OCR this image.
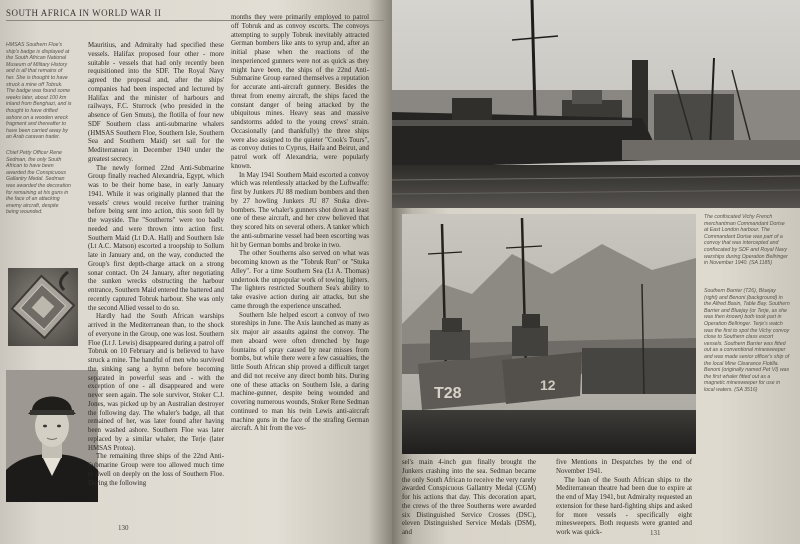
SOUTH AFRICA IN WORLD WAR II

HMSAS Southern Floe's ship's badge is displayed at the South African National Museum of Military History and is all that remains of her. She is thought to have struck a mine off Tobruk. The badge was found some weeks later, about 100 km inland from Benghazi, and is thought to have drifted ashore on a wooden wreck fragment and thereafter to have been carried away by an Arab caravan trader.

Chief Petty Officer Rene Sedman, the only South African to have been awarded the Conspicuous Gallantry Medal. Sedman was awarded the decoration for remaining at his guns in the face of an attacking enemy aircraft, despite being wounded.

Mauritius, and Admiralty had specified these vessels. Halifax proposed four other - more suitable - vessels that had only recently been requisitioned into the SDF. The Royal Navy agreed the proposal and, after the ships' companies had been inspected and lectured by Halifax and the minister of harbours and railways, F.C. Sturrock (who presided in the absence of Gen Smuts), the flotilla of four new SDF Southern class anti-submarine whalers (HMSAS Southern Floe, Southern Isle, Southern Sea and Southern Maid) set sail for the Mediterranean in December 1940 under the greatest secrecy.

The newly formed 22nd Anti-Submarine Group finally reached Alexandria, Egypt, which was to be their home base, in early January 1941. While it was originally planned that the vessels' crews would receive further training before being sent into action, this soon fell by the wayside. The "Southerns" were too badly needed and were thrown into action first. Southern Maid (Lt D.A. Hall) and Southern Isle (Lt A.C. Matson) escorted a troopship to Sollum late in January and, on the way, conducted the Group's first depth-charge attack on a strong sonar contact. On 24 January, after negotiating the sunken wrecks obstructing the harbour entrance, Southern Maid entered the battered and recently captured Tobruk harbour. She was only the second Allied vessel to do so.

Hardly had the South African warships arrived in the Mediterranean than, to the shock of everyone in the Group, one was lost. Southern Floe (Lt J. Lewis) disappeared during a patrol off Tobruk on 10 February and is believed to have struck a mine. The handful of men who survived the sinking sang a hymn before becoming separated in powerful seas and - with the exception of one - all disappeared and were never seen again. The sole survivor, Stoker C.J. Jones, was picked up by an Australian destroyer the following day. The whaler's badge, all that remained of her, was later found after having been washed ashore. Southern Floe was later replaced by a similar whaler, the Terje (later HMSAS Protea).

The remaining three ships of the 22nd Anti-Submarine Group were too allowed much time to dwell on deeply on the loss of Southern Floe. During the following

months they were primarily employed to patrol off Tobruk and as convoy escorts. The convoys attempting to supply Tobruk inevitably attracted German bombers like ants to syrup and, after an initial phase when the reactions of the inexperienced gunners were not as quick as they might have been, the ships of the 22nd Anti-Submarine Group earned themselves a reputation for accurate anti-aircraft gunnery. Besides the threat from enemy aircraft, the ships faced the constant danger of being attacked by the ubiquitous mines. Heavy seas and massive sandstorms added to the young crews' strain. Occasionally (and thankfully) the three ships were also assigned to the quieter "Cook's Tours", as convoy duties to Cyprus, Haifa and Beirut, and patrol work off Alexandria, were popularly known.

In May 1941 Southern Maid escorted a convoy which was relentlessly attacked by the Luftwaffe: first by Junkers JU 88 medium bombers and then by 27 howling Junkers JU 87 Stuka dive-bombers. The whaler's gunners shot down at least one of these aircraft, and her crew believed that they scored hits on several others. A tanker which the anti-submarine vessel had been escorting was hit by German bombs and broke in two.

The other Southerns also served on what was becoming known as the "Tobruk Run" or "Stuka Alley". For a time Southern Sea (Lt A. Thomas) undertook the unpopular work of towing lighters. The lighters restricted Southern Sea's ability to take evasive action during air attacks, but she came through the experience unscathed.

Southern Isle helped escort a convoy of two storeships in June. The Axis launched as many as six major air assaults against the convoy. The men aboard were often drenched by huge fountains of spray caused by near misses from bombs, but while there were a few casualties, the little South African ship proved a difficult target and did not receive any direct bomb hits. During one of these attacks on Southern Isle, a daring machine-gunner, despite being wounded and covering numerous wounds, Stoker Rene Sedman continued to man his twin Lewis anti-aircraft machine guns in the face of the strafing German aircraft. A hit from the ves-

130
T28	12

The confiscated Vichy French merchantman Commandant Dorise at East London harbour. The Commandant Dorise was part of a convoy that was intercepted and confiscated by SDF and Royal Navy warships during Operation Bellringer in November 1940. (SA 1185)

Southern Barrier (T26), Bluejay (right) and Benoni (background) in the Alfred Basin, Table Bay. Southern Barrier and Bluejay (or Terje, as she was then known) both took part in Operation Bellringer. Terje's watch was the first to spot the Vichy convoy close to Southern class escort vessels. Southern Barrier was fitted out as a conventional minesweeper and was made senior officer's ship of the local Mine Clearance Flotilla. Benoni (originally named Pet VI) was the first whaler fitted out as a magnetic minesweeper for use in local waters. (SA 3516)

sel's main 4-inch gun finally brought the Junkers crashing into the sea. Sedman became the only South African to receive the very rarely awarded Conspicuous Gallantry Medal (CGM) for his actions that day. This decoration apart, the crews of the three Southerns were awarded six Distinguished Service Crosses (DSC), eleven Distinguished Service Medals (DSM), and

five Mentions in Despatches by the end of November 1941.

The loan of the South African ships to the Mediterranean theatre had been due to expire at the end of May 1941, but Admiralty requested an extension for these hard-fighting ships and asked for more vessels - specifically eight minesweepers. Both requests were granted and work was quick-	131
